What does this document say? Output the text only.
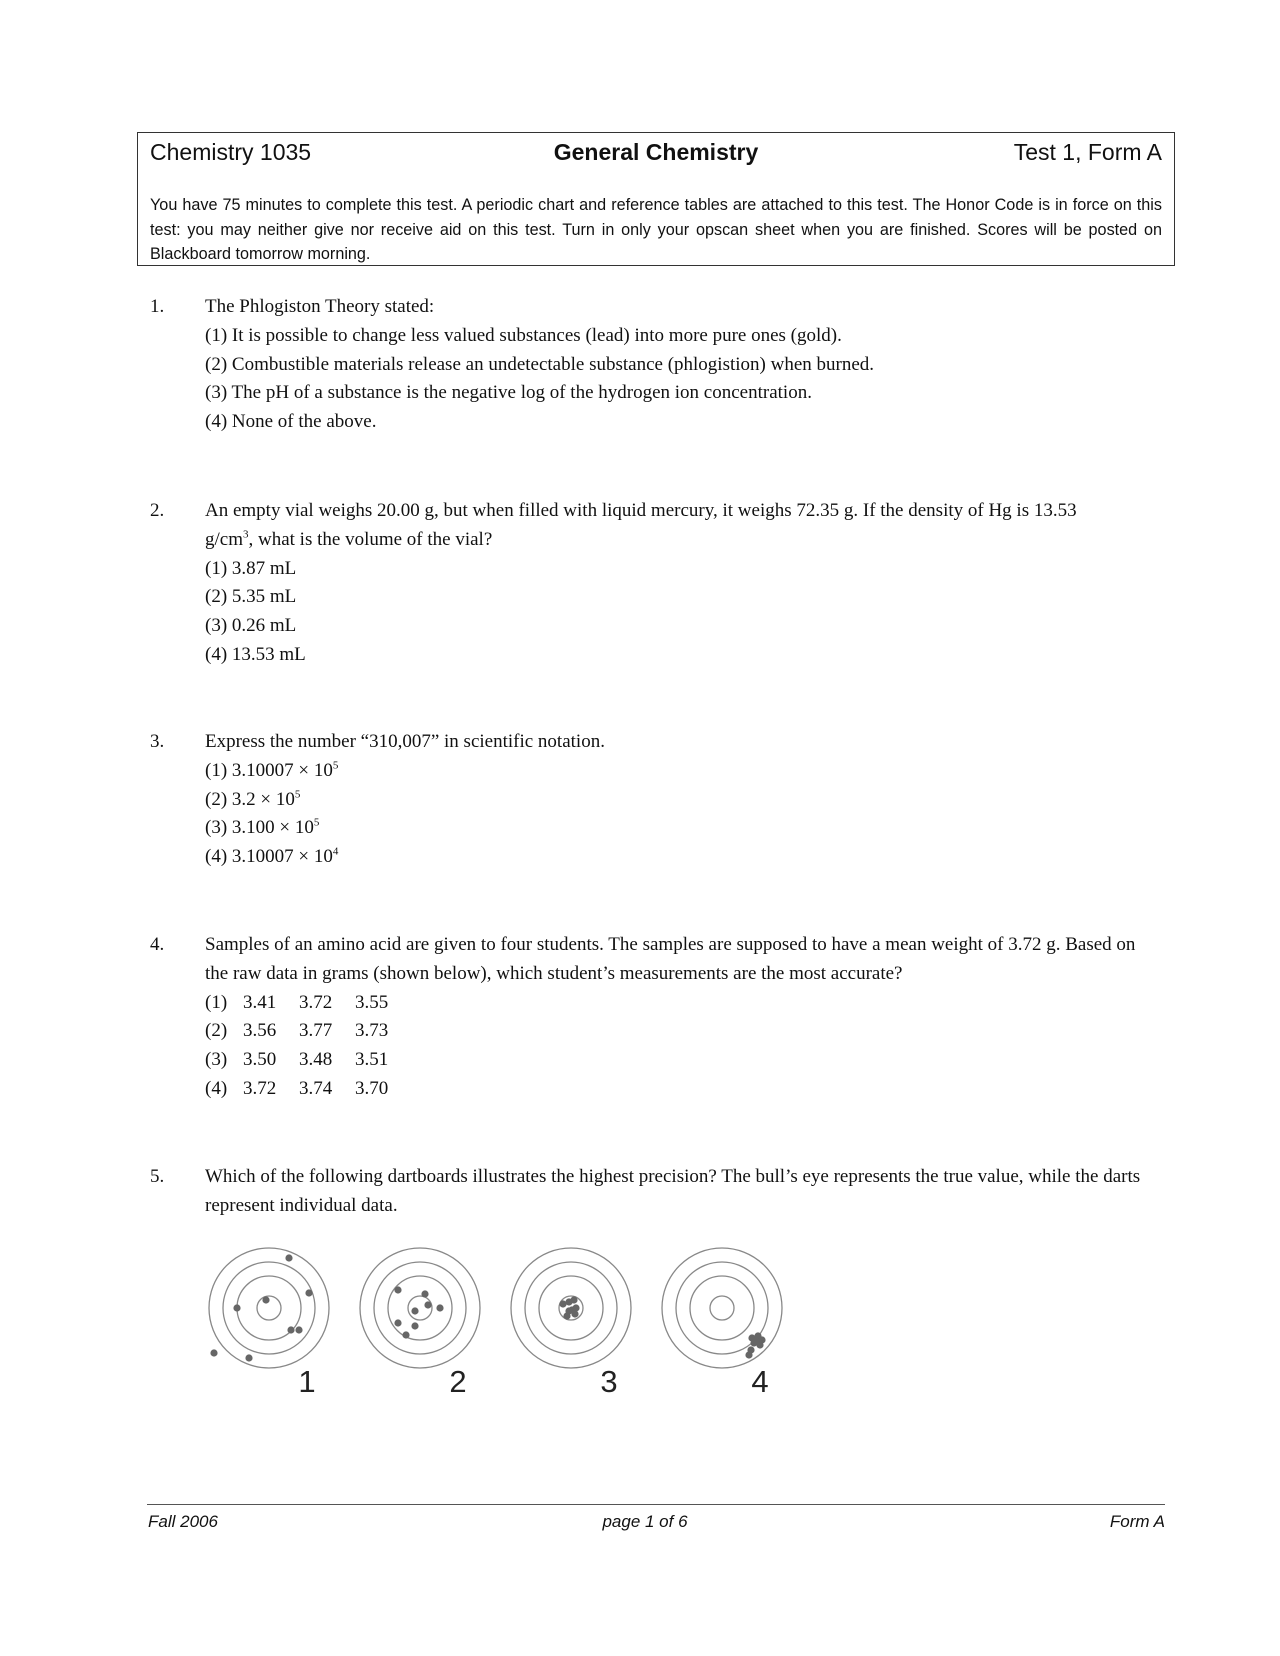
Chemistry 1035	General Chemistry	Test 1, Form A
You have 75 minutes to complete this test. A periodic chart and reference tables are attached to this test. The Honor Code is in force on this test: you may neither give nor receive aid on this test. Turn in only your opscan sheet when you are finished. Scores will be posted on Blackboard tomorrow morning.
1. The Phlogiston Theory stated:
(1) It is possible to change less valued substances (lead) into more pure ones (gold).
(2) Combustible materials release an undetectable substance (phlogistion) when burned.
(3) The pH of a substance is the negative log of the hydrogen ion concentration.
(4) None of the above.
2. An empty vial weighs 20.00 g, but when filled with liquid mercury, it weighs 72.35 g. If the density of Hg is 13.53 $g/cm^3$, what is the volume of the vial?
(1) 3.87 mL
(2) 5.35 mL
(3) 0.26 mL
(4) 13.53 mL
3. Express the number “310,007” in scientific notation.
(1) $3.10007 \times 10^5$
(2) $3.2 \times 10^5$
(3) $3.100 \times 10^5$
(4) $3.10007 \times 10^4$
4. Samples of an amino acid are given to four students. The samples are supposed to have a mean weight of 3.72 g. Based on the raw data in grams (shown below), which student’s measurements are the most accurate?
(1) 3.41 3.72 3.55
(2) 3.56 3.77 3.73
(3) 3.50 3.48 3.51
(4) 3.72 3.74 3.70
5. Which of the following dartboards illustrates the highest precision? The bull’s eye represents the true value, while the darts represent individual data.
1	2	3	4
Fall 2006	page 1 of 6	Form A
